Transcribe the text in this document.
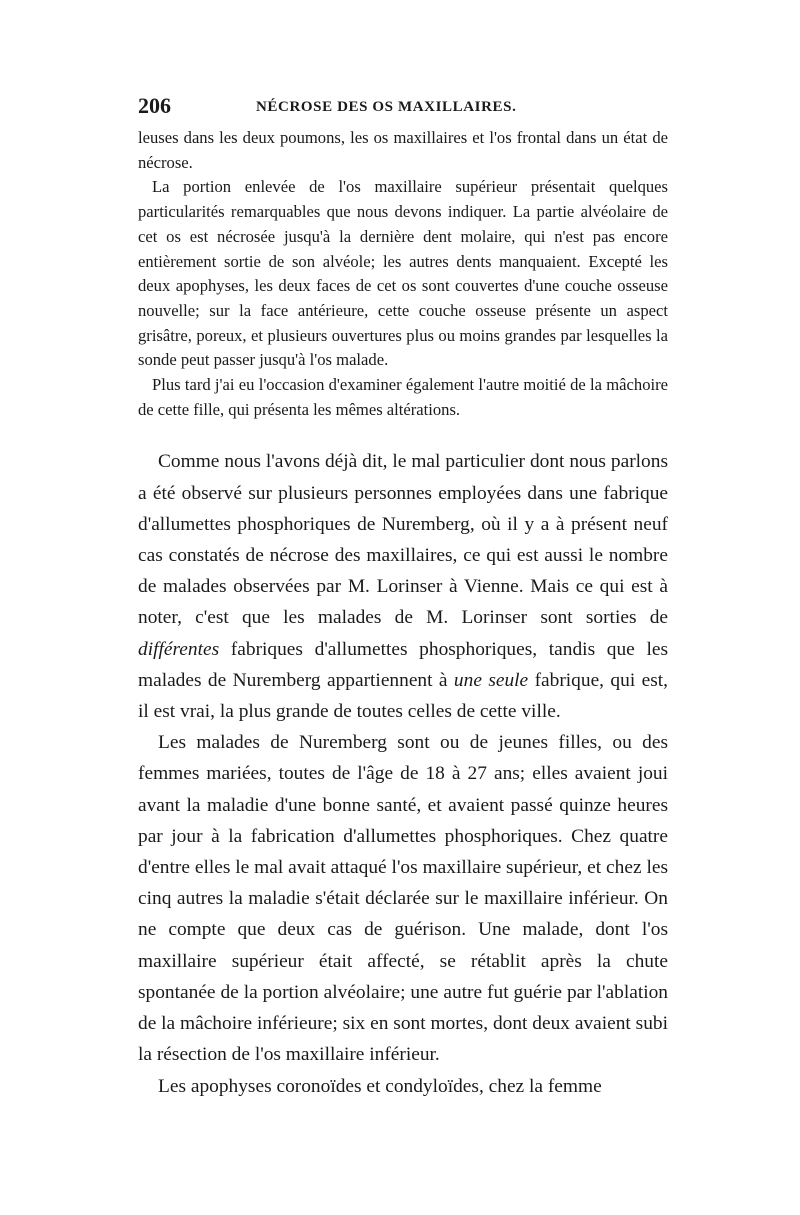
206	NÉCROSE DES OS MAXILLAIRES.

leuses dans les deux poumons, les os maxillaires et l'os frontal dans un état de nécrose.

La portion enlevée de l'os maxillaire supérieur présentait quelques particularités remarquables que nous devons indiquer. La partie alvéolaire de cet os est nécrosée jusqu'à la dernière dent molaire, qui n'est pas encore entièrement sortie de son alvéole; les autres dents manquaient. Excepté les deux apophyses, les deux faces de cet os sont couvertes d'une couche osseuse nouvelle; sur la face antérieure, cette couche osseuse présente un aspect grisâtre, poreux, et plusieurs ouvertures plus ou moins grandes par lesquelles la sonde peut passer jusqu'à l'os malade.

Plus tard j'ai eu l'occasion d'examiner également l'autre moitié de la mâchoire de cette fille, qui présenta les mêmes altérations.

Comme nous l'avons déjà dit, le mal particulier dont nous parlons a été observé sur plusieurs personnes employées dans une fabrique d'allumettes phosphoriques de Nuremberg, où il y a à présent neuf cas constatés de nécrose des maxillaires, ce qui est aussi le nombre de malades observées par M. Lorinser à Vienne. Mais ce qui est à noter, c'est que les malades de M. Lorinser sont sorties de différentes fabriques d'allumettes phosphoriques, tandis que les malades de Nuremberg appartiennent à une seule fabrique, qui est, il est vrai, la plus grande de toutes celles de cette ville.

Les malades de Nuremberg sont ou de jeunes filles, ou des femmes mariées, toutes de l'âge de 18 à 27 ans; elles avaient joui avant la maladie d'une bonne santé, et avaient passé quinze heures par jour à la fabrication d'allumettes phosphoriques. Chez quatre d'entre elles le mal avait attaqué l'os maxillaire supérieur, et chez les cinq autres la maladie s'était déclarée sur le maxillaire inférieur. On ne compte que deux cas de guérison. Une malade, dont l'os maxillaire supérieur était affecté, se rétablit après la chute spontanée de la portion alvéolaire; une autre fut guérie par l'ablation de la mâchoire inférieure; six en sont mortes, dont deux avaient subi la résection de l'os maxillaire inférieur.

Les apophyses coronoïdes et condyloïdes, chez la femme
